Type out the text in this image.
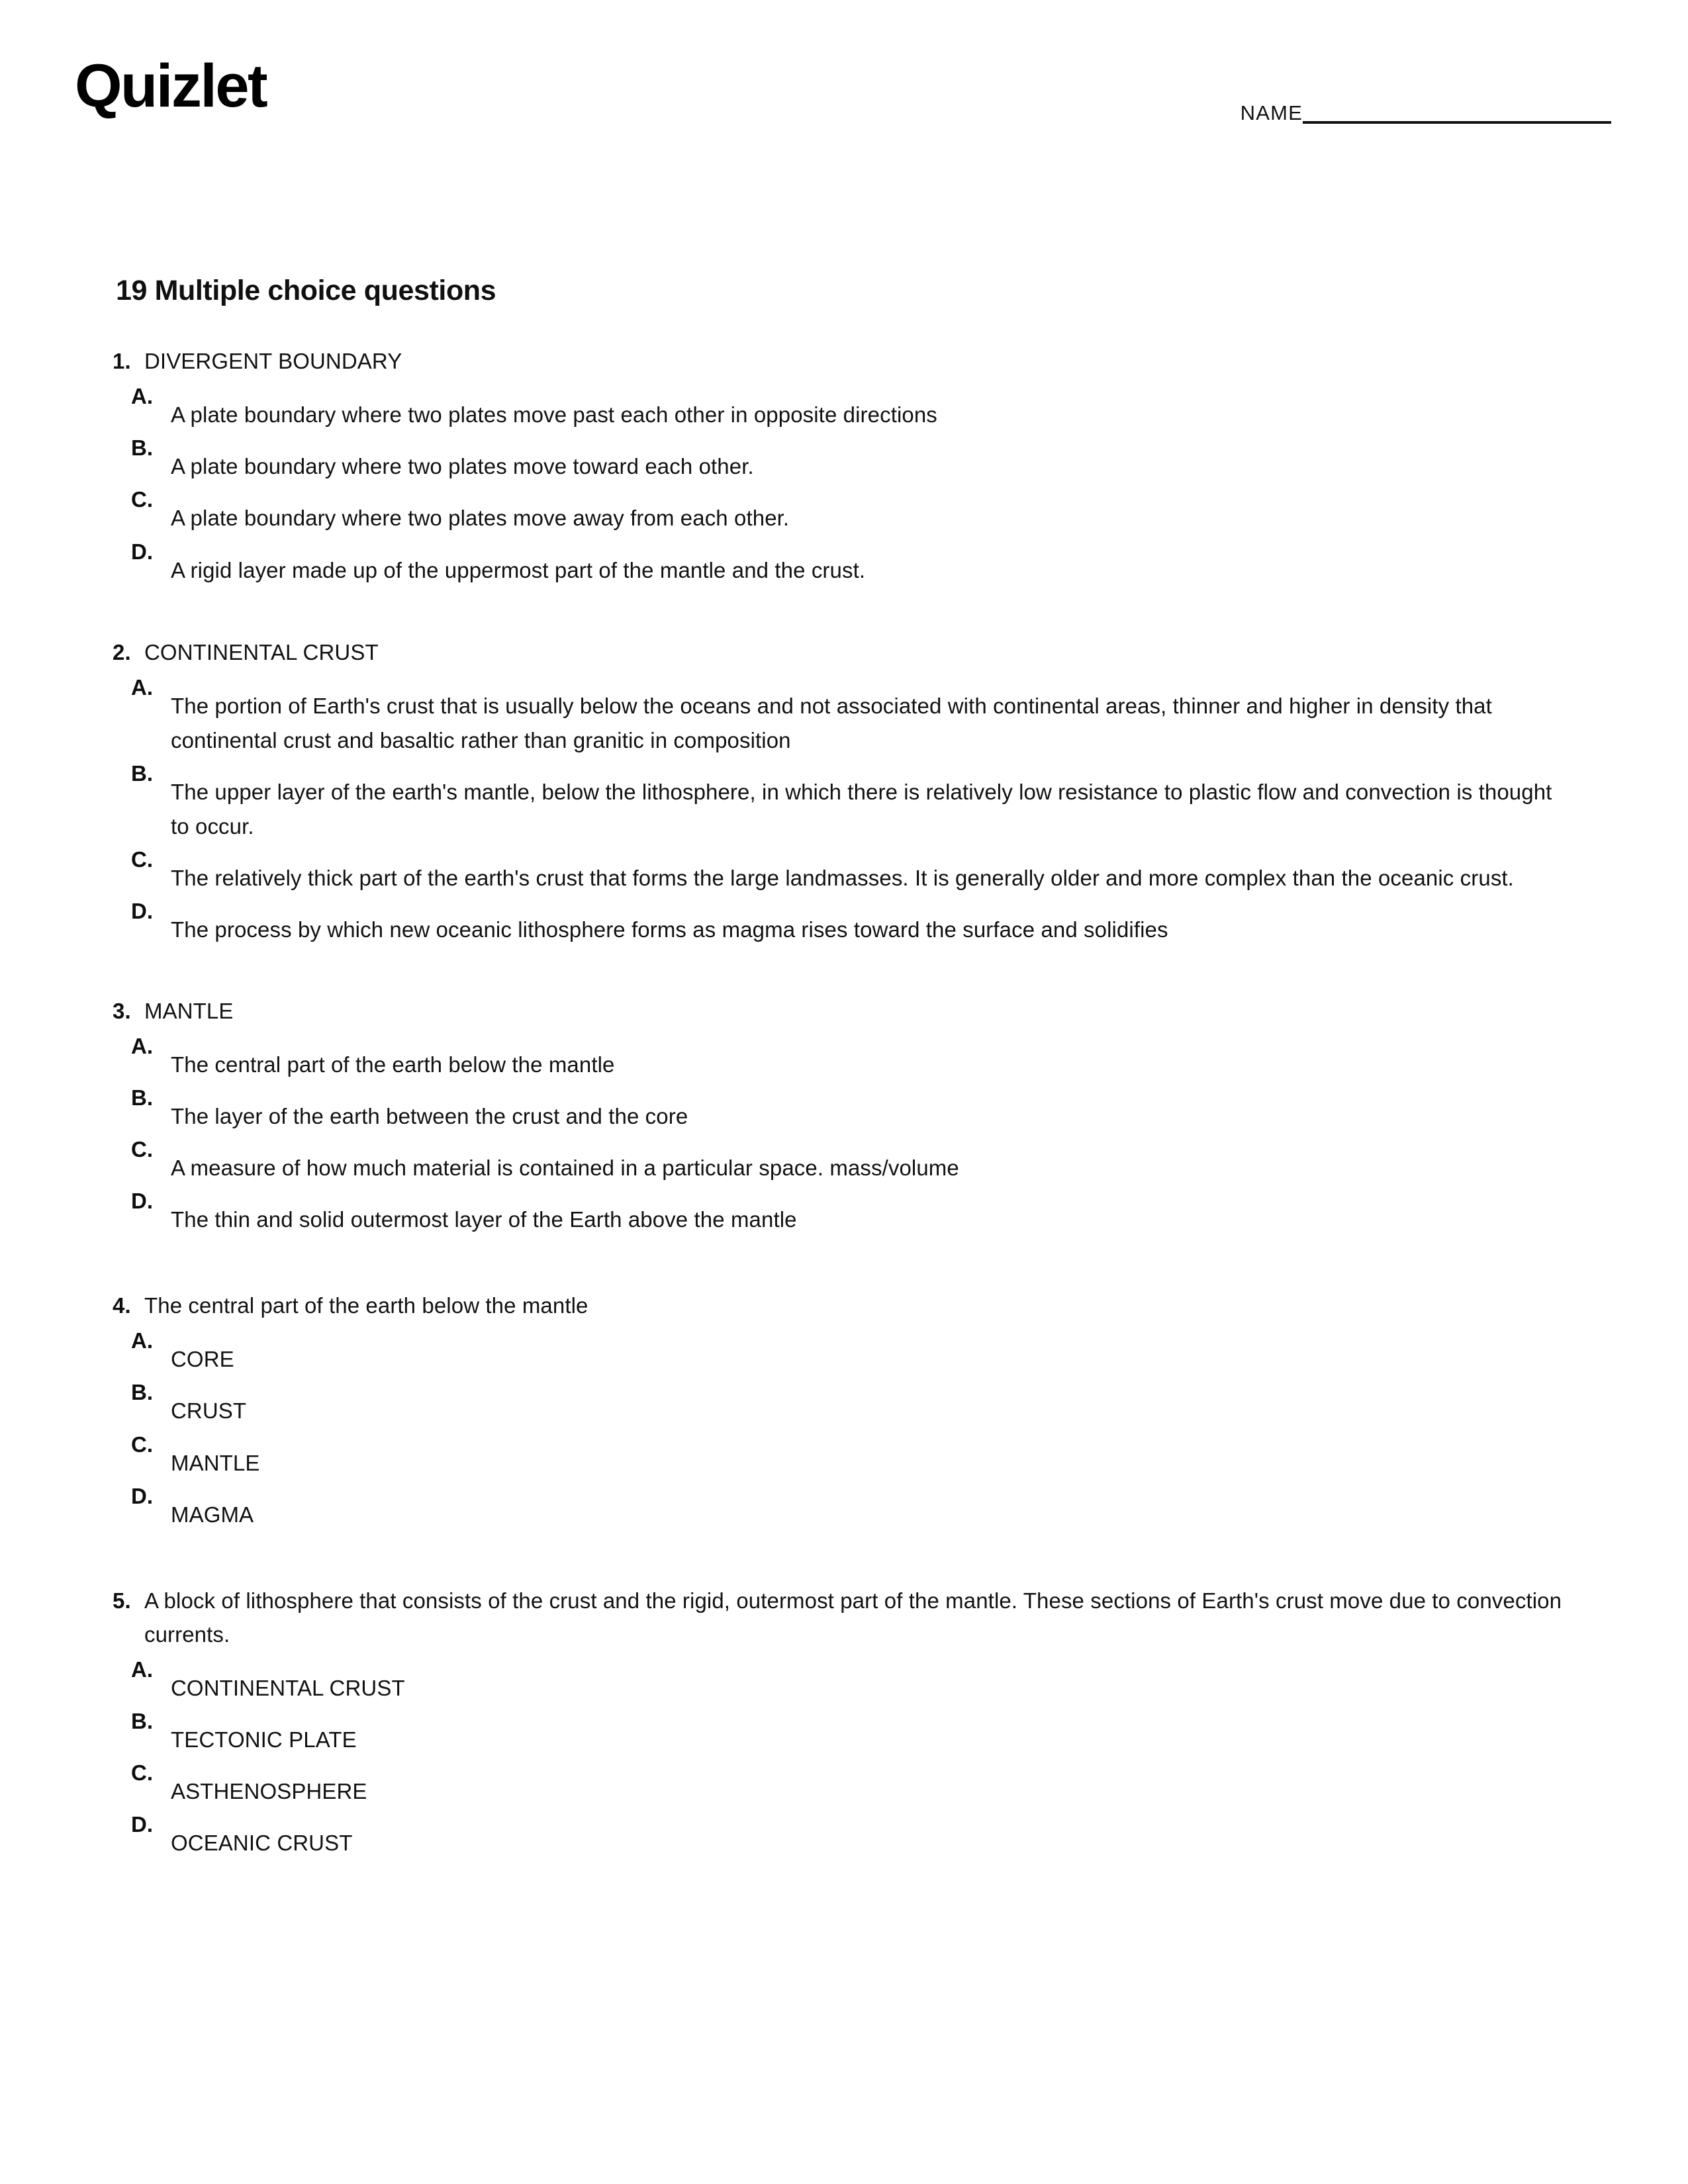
Quizlet	NAME
19 Multiple choice questions
1. DIVERGENT BOUNDARY
A.
A plate boundary where two plates move past each other in opposite directions
B.
A plate boundary where two plates move toward each other.
C.
A plate boundary where two plates move away from each other.
D.
A rigid layer made up of the uppermost part of the mantle and the crust.
2. CONTINENTAL CRUST
A.
The portion of Earth's crust that is usually below the oceans and not associated with continental areas, thinner and higher in density that continental crust and basaltic rather than granitic in composition
B.
The upper layer of the earth's mantle, below the lithosphere, in which there is relatively low resistance to plastic flow and convection is thought to occur.
C.
The relatively thick part of the earth's crust that forms the large landmasses. It is generally older and more complex than the oceanic crust.
D.
The process by which new oceanic lithosphere forms as magma rises toward the surface and solidifies
3. MANTLE
A.
The central part of the earth below the mantle
B.
The layer of the earth between the crust and the core
C.
A measure of how much material is contained in a particular space. mass/volume
D.
The thin and solid outermost layer of the Earth above the mantle
4. The central part of the earth below the mantle
A.
CORE
B.
CRUST
C.
MANTLE
D.
MAGMA
5. A block of lithosphere that consists of the crust and the rigid, outermost part of the mantle. These sections of Earth's crust move due to convection currents.
A.
CONTINENTAL CRUST
B.
TECTONIC PLATE
C.
ASTHENOSPHERE
D.
OCEANIC CRUST
